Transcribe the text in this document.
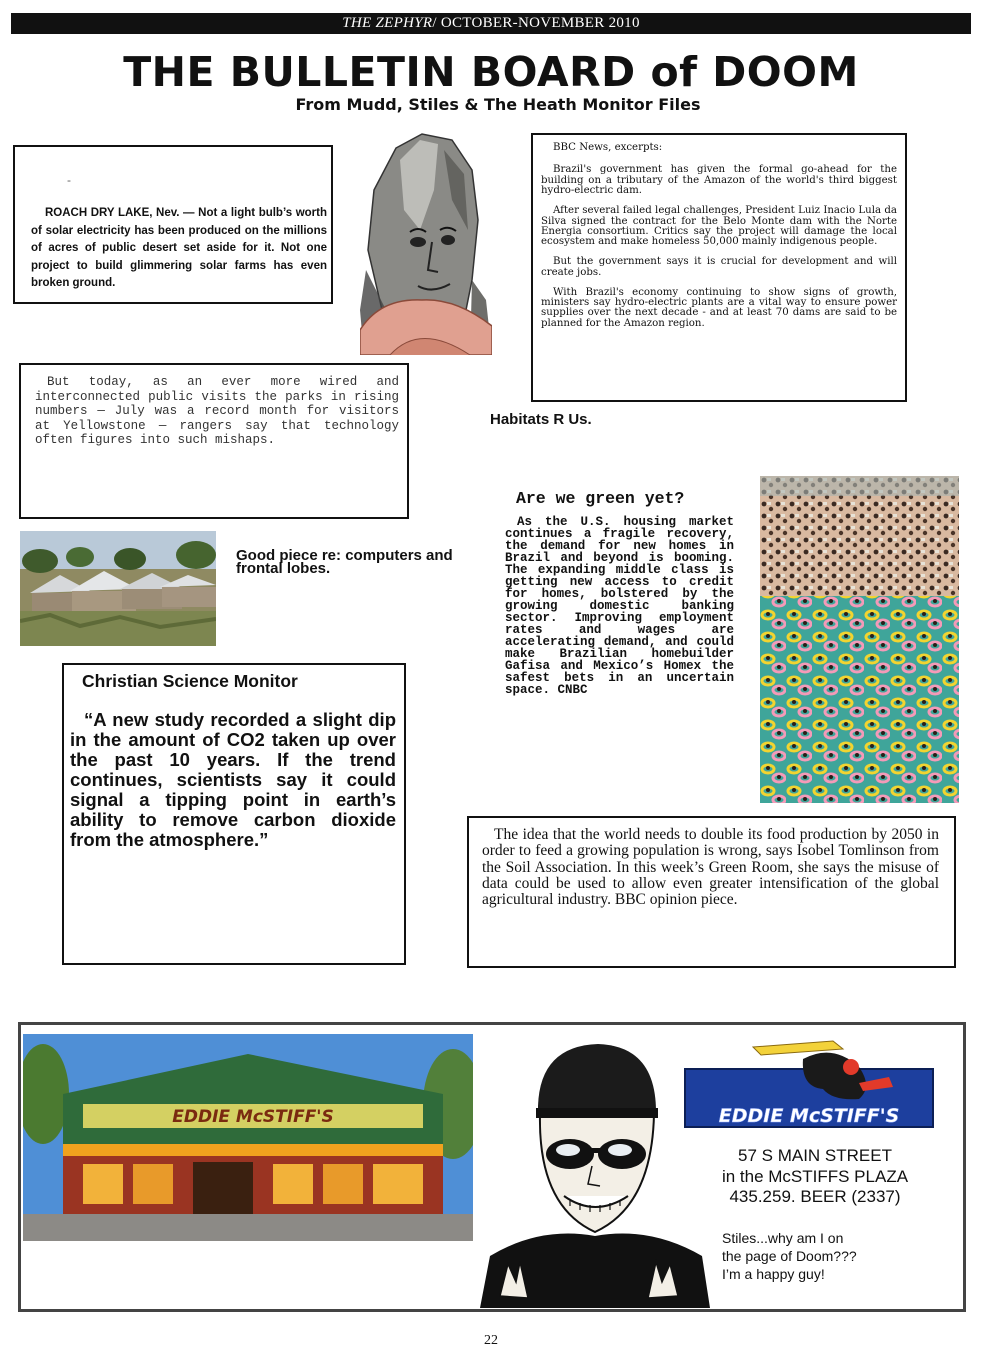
THE ZEPHYR/ OCTOBER-NOVEMBER 2010
THE BULLETIN BOARD of DOOM
From Mudd, Stiles & The Heath Monitor Files
-
ROACH DRY LAKE, Nev. — Not a light bulb’s worth of solar electricity has been produced on the millions of acres of public desert set aside for it. Not one project to build glimmering solar farms has even broken ground.
BBC News, excerpts:

Brazil's government has given the formal go-ahead for the building on a tributary of the Amazon of the world's third biggest hydro-electric dam.

After several failed legal challenges, President Luiz Inacio Lula da Silva signed the contract for the Belo Monte dam with the Norte Energia consortium. Critics say the project will damage the local ecosystem and make homeless 50,000 mainly indigenous people.

But the government says it is crucial for development and will create jobs.

With Brazil's economy continuing to show signs of growth, ministers say hydro-electric plants are a vital way to ensure power supplies over the next decade - and at least 70 dams are said to be planned for the Amazon region.

But today, as an ever more wired and interconnected public visits the parks in rising numbers — July was a record month for visitors at Yellowstone — rangers say that technology often figures into such mishaps.
Habitats R Us.
Good piece re: computers and frontal lobes.
Are we green yet?
As the U.S. housing market continues a fragile recovery, the demand for new homes in Brazil and beyond is booming. The expanding middle class is getting new access to credit for homes, bolstered by the growing domestic banking sector. Improving employment rates and wages are accelerating demand, and could make Brazilian homebuilder Gafisa and Mexico’s Homex the safest bets in an uncertain space. CNBC
Christian Science Monitor
“A new study recorded a slight dip in the amount of CO2 taken up over the past 10 years. If the trend continues, scientists say it could signal a tipping point in earth’s ability to remove carbon dioxide from the atmosphere.”	The idea that the world needs to double its food production by 2050 in order to feed a growing population is wrong, says Isobel Tomlinson from the Soil Association. In this week’s Green Room, she says the misuse of data could be used to allow even greater intensification of the global agricultural industry. BBC opinion piece.
EDDIE McSTIFF'S	EDDIE McSTIFF'S
57 S MAIN STREET
in the McSTIFFS PLAZA
435.259. BEER (2337)
Stiles...why am I on
the page of Doom???
I’m a happy guy!
22
